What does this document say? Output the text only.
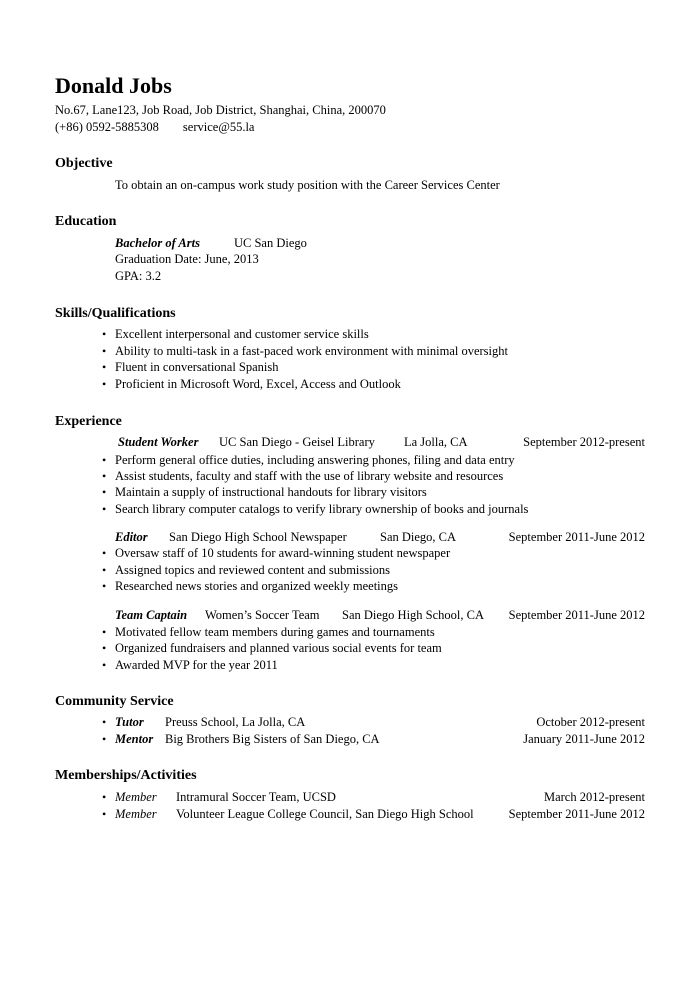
Donald Jobs
No.67, Lane123, Job Road, Job District, Shanghai, China, 200070
(+86) 0592-5885308 service@55.la
Objective
To obtain an on-campus work study position with the Career Services Center
Education
Bachelor of Arts	UC San Diego
Graduation Date: June, 2013
GPA: 3.2
Skills/Qualifications
• Excellent interpersonal and customer service skills
• Ability to multi-task in a fast-paced work environment with minimal oversight
• Fluent in conversational Spanish
• Proficient in Microsoft Word, Excel, Access and Outlook
Experience
Student Worker UC San Diego - Geisel Library La Jolla, CA	September 2012-present
• Perform general office duties, including answering phones, filing and data entry
• Assist students, faculty and staff with the use of library website and resources
• Maintain a supply of instructional handouts for library visitors
• Search library computer catalogs to verify library ownership of books and journals
Editor San Diego High School Newspaper	San Diego, CA	September 2011-June 2012
• Oversaw staff of 10 students for award-winning student newspaper
• Assigned topics and reviewed content and submissions
• Researched news stories and organized weekly meetings
Team Captain Women’s Soccer Team San Diego High School, CA September 2011-June 2012
• Motivated fellow team members during games and tournaments
• Organized fundraisers and planned various social events for team
• Awarded MVP for the year 2011
Community Service
• Tutor Preuss School, La Jolla, CA	October 2012-present
• Mentor Big Brothers Big Sisters of San Diego, CA	January 2011-June 2012
Memberships/Activities
• Member Intramural Soccer Team, UCSD	March 2012-present
• Member Volunteer League College Council, San Diego High School	September 2011-June 2012
